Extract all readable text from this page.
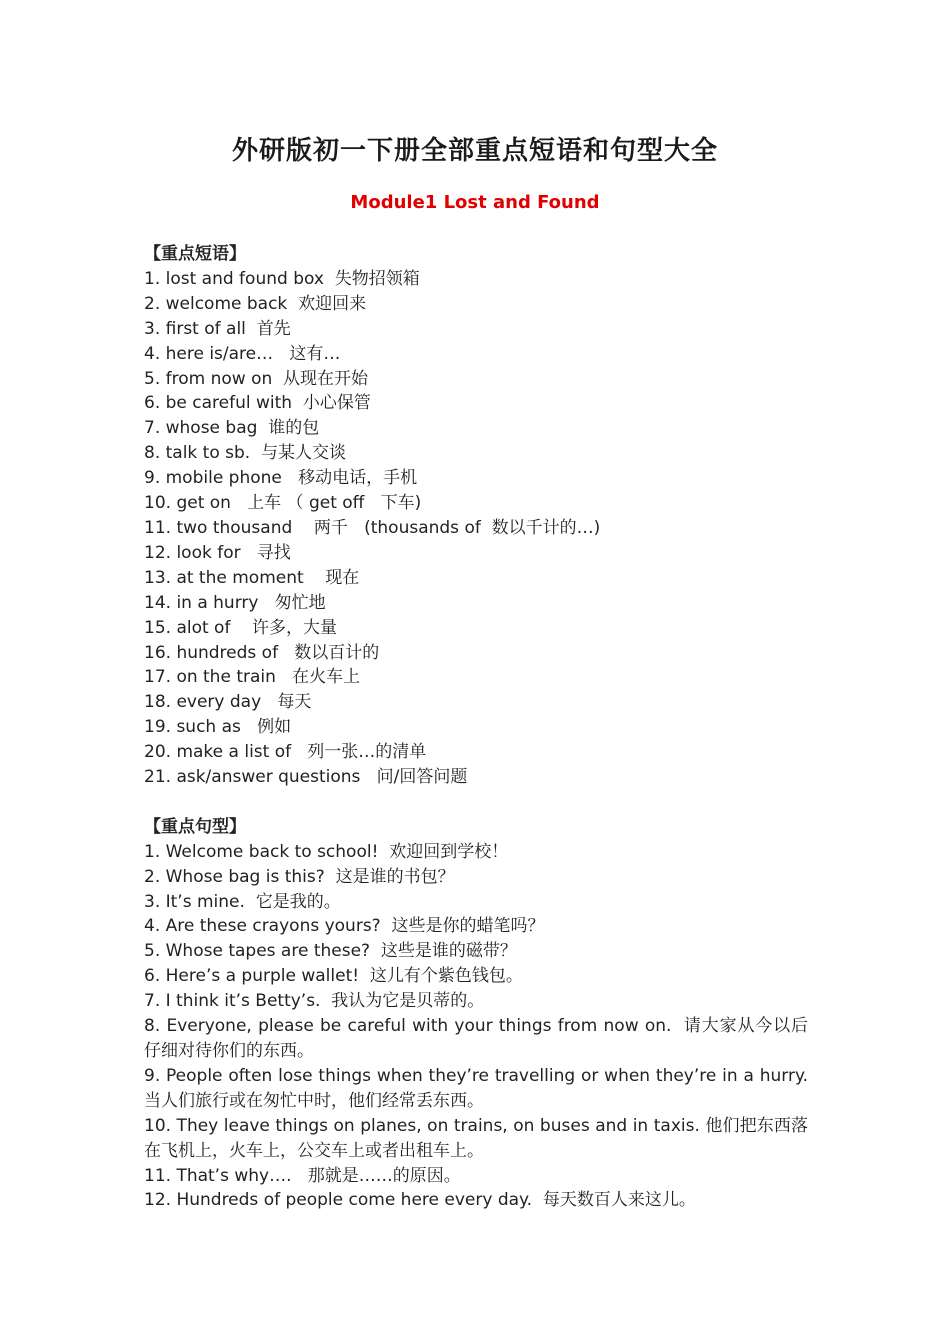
外研版初一下册全部重点短语和句型大全
Module1 Lost and Found

【重点短语】

1. lost and found box  失物招领箱
2. welcome back  欢迎回来
3. first of all  首先
4. here is/are…   这有…
5. from now on  从现在开始
6. be careful with  小心保管
7. whose bag  谁的包
8. talk to sb.  与某人交谈
9. mobile phone   移动电话，手机
10. get on   上车 （ get off   下车)
11. two thousand    两千   (thousands of  数以千计的…)
12. look for   寻找
13. at the moment    现在
14. in a hurry   匆忙地
15. alot of    许多，大量
16. hundreds of   数以百计的
17. on the train   在火车上
18. every day   每天
19. such as   例如
20. make a list of   列一张…的清单
21. ask/answer questions   问/回答问题

【重点句型】

1. Welcome back to school!  欢迎回到学校！
2. Whose bag is this?  这是谁的书包？
3. It’s mine.  它是我的。
4. Are these crayons yours?  这些是你的蜡笔吗？
5. Whose tapes are these?  这些是谁的磁带？
6. Here’s a purple wallet!  这儿有个紫色钱包。
7. I think it’s Betty’s.  我认为它是贝蒂的。
8. Everyone, please be careful with your things from now on.  请大家从今以后仔细对待你们的东西。
9. People often lose things when they’re travelling or when they’re in a hurry. 当人们旅行或在匆忙中时，他们经常丢东西。
10. They leave things on planes, on trains, on buses and in taxis. 他们把东西落在飞机上，火车上，公交车上或者出租车上。
11. That’s why….   那就是……的原因。
12. Hundreds of people come here every day.  每天数百人来这儿。
